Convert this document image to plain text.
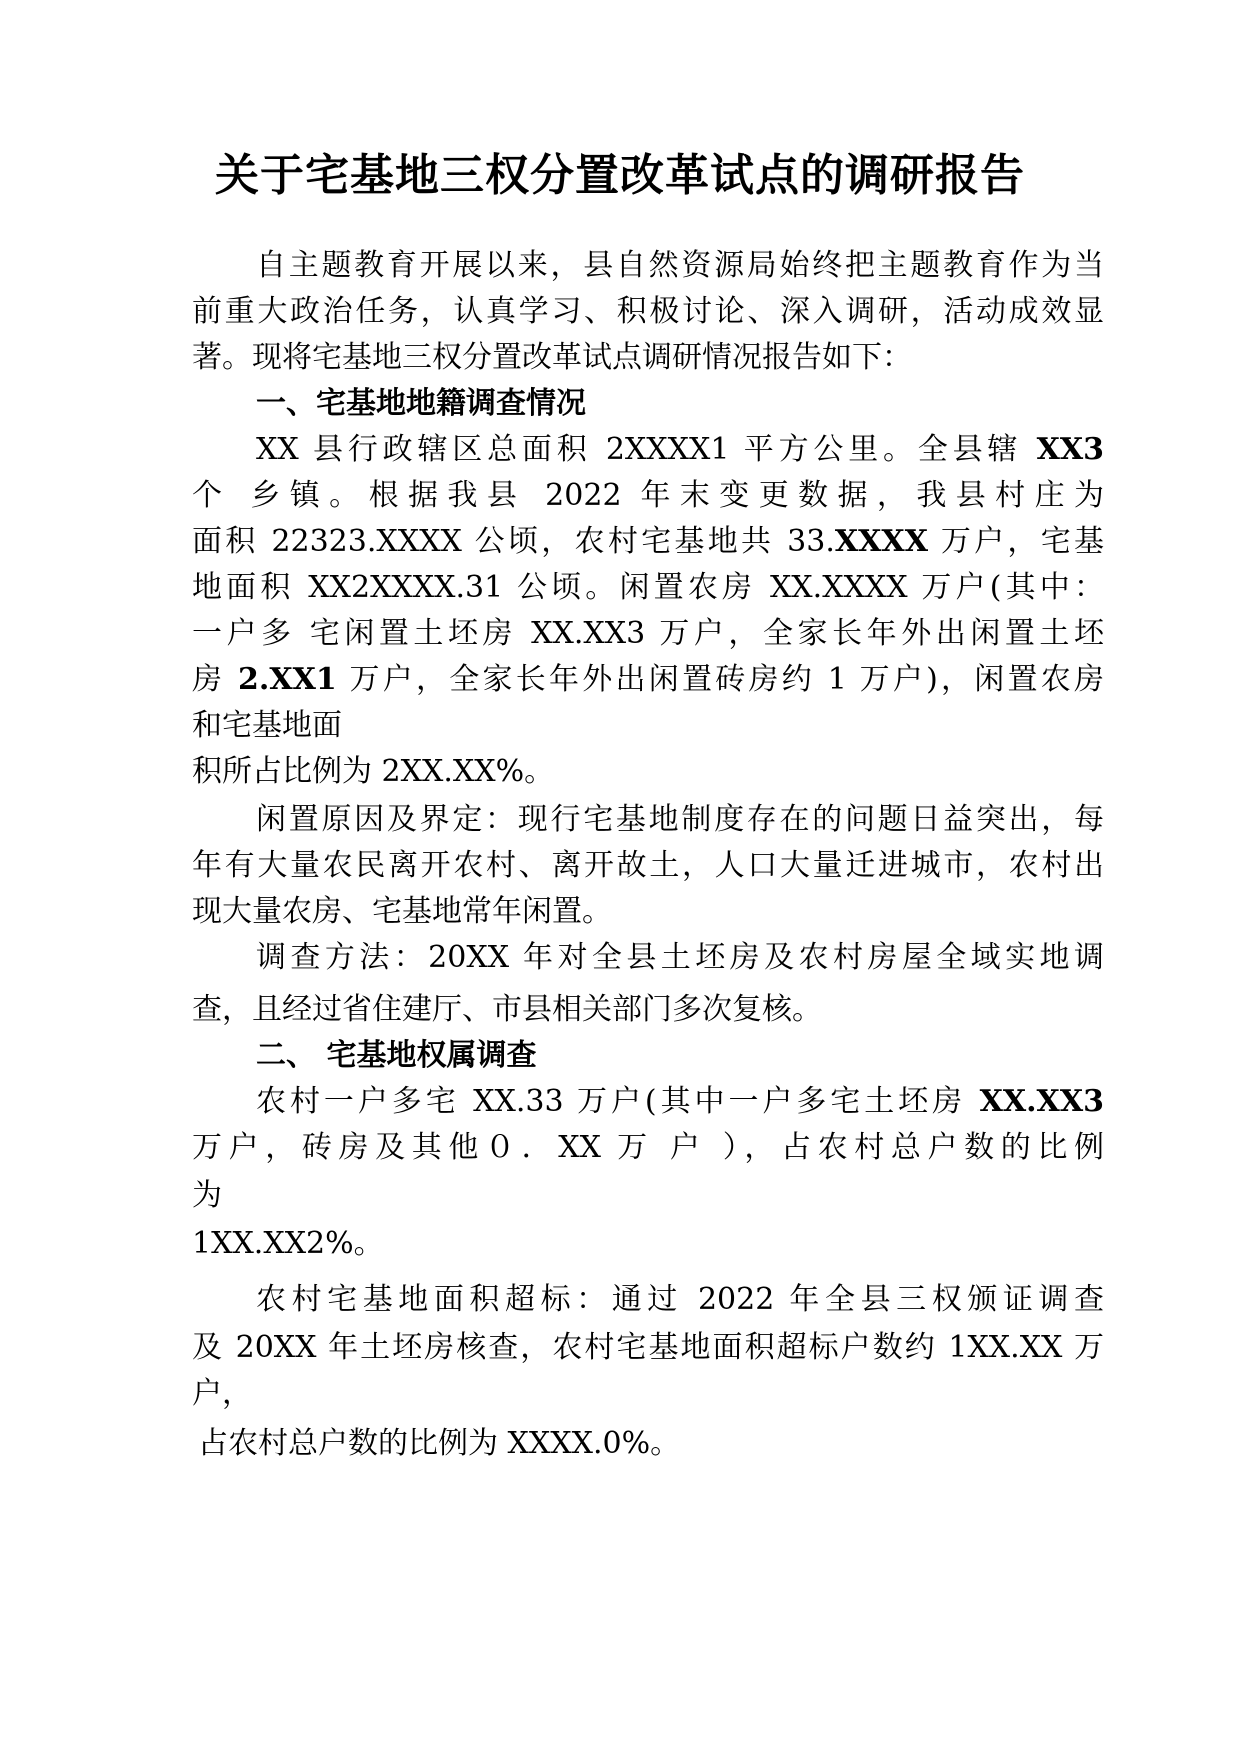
关于宅基地三权分置改革试点的调研报告
自主题教育开展以来，县自然资源局始终把主题教育作为当
前重大政治任务，认真学习、积极讨论、深入调研，活动成效显
著。现将宅基地三权分置改革试点调研情况报告如下：
一、宅基地地籍调查情况
XX 县行政辖区总面积 2XXXX1 平方公里。全县辖 XX3
个 乡镇。根据我县 2022 年末变更数据，我县村庄为
面积 22323.XXXX 公顷，农村宅基地共 33.XXXX 万户，宅基
地面积 XX2XXXX.31 公顷。闲置农房 XX.XXXX 万户(其中：
一户多 宅闲置土坯房 XX.XX3 万户，全家长年外出闲置土坯
房 2.XX1 万户，全家长年外出闲置砖房约 1 万户)，闲置农房
和宅基地面
积所占比例为 2XX.XX%。
闲置原因及界定：现行宅基地制度存在的问题日益突出，每
年有大量农民离开农村、离开故土，人口大量迁进城市，农村出
现大量农房、宅基地常年闲置。
调查方法：20XX 年对全县土坯房及农村房屋全域实地调
查，且经过省住建厅、市县相关部门多次复核。
二、 宅基地权属调查
农村一户多宅 XX.33 万户(其中一户多宅土坯房 XX.XX3
万户，砖房及其他０．XX 万 户 ），占农村总户数的比例
为
1XX.XX2%。
农村宅基地面积超标：通过 2022 年全县三权颁证调查
及 20XX 年土坯房核查，农村宅基地面积超标户数约 1XX.XX 万
户，
占农村总户数的比例为 XXXX.0%。
